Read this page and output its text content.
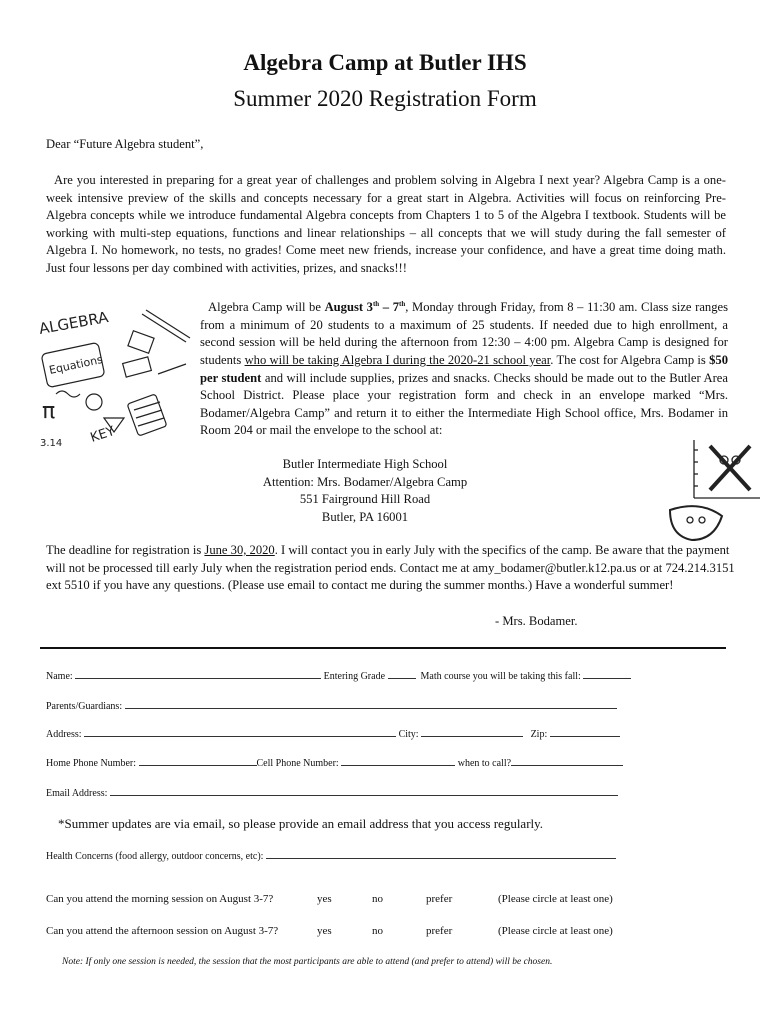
Algebra Camp at Butler IHS
Summer 2020 Registration Form
Dear “Future Algebra student”,
Are you interested in preparing for a great year of challenges and problem solving in Algebra I next year? Algebra Camp is a one-week intensive preview of the skills and concepts necessary for a great start in Algebra. Activities will focus on reinforcing Pre-Algebra concepts while we introduce fundamental Algebra concepts from Chapters 1 to 5 of the Algebra I textbook. Students will be working with multi-step equations, functions and linear relationships – all concepts that we will study during the fall semester of Algebra I. No homework, no tests, no grades! Come meet new friends, increase your confidence, and have a great time doing math. Just four lessons per day combined with activities, prizes, and snacks!!!
ALGEBRA
Equations
π
3.14 KEY
Algebra Camp will be August 3th – 7th, Monday through Friday, from 8 – 11:30 am. Class size ranges from a minimum of 20 students to a maximum of 25 students. If needed due to high enrollment, a second session will be held during the afternoon from 12:30 – 4:00 pm. Algebra Camp is designed for students who will be taking Algebra I during the 2020-21 school year. The cost for Algebra Camp is $50 per student and will include supplies, prizes and snacks. Checks should be made out to the Butler Area School District. Please place your registration form and check in an envelope marked “Mrs. Bodamer/Algebra Camp” and return it to either the Intermediate High School office, Mrs. Bodamer in Room 204 or mail the envelope to the school at:
Butler Intermediate High School
Attention: Mrs. Bodamer/Algebra Camp
551 Fairground Hill Road
Butler, PA 16001
The deadline for registration is June 30, 2020. I will contact you in early July with the specifics of the camp. Be aware that the payment will not be processed till early July when the registration period ends. Contact me at amy_bodamer@butler.k12.pa.us or at 724.214.3151 ext 5510 if you have any questions. (Please use email to contact me during the summer months.) Have a wonderful summer!
- Mrs. Bodamer.
Name:	Entering Grade	Math course you will be taking this fall:
Parents/Guardians:
Address:	City:	Zip:
Home Phone Number:	Cell Phone Number:	when to call?
Email Address:
*Summer updates are via email, so please provide an email address that you access regularly.
Health Concerns (food allergy, outdoor concerns, etc):
Can you attend the morning session on August 3-7?	yes	no	prefer	(Please circle at least one)
Can you attend the afternoon session on August 3-7?	yes	no	prefer	(Please circle at least one)
Note: If only one session is needed, the session that the most participants are able to attend (and prefer to attend) will be chosen.
